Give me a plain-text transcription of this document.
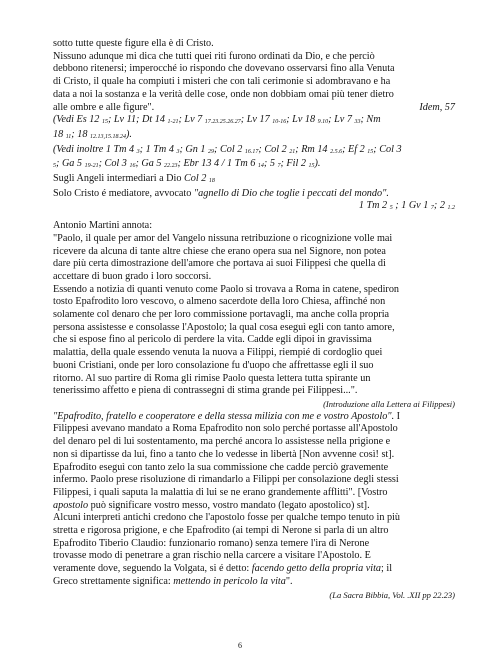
sotto tutte queste figure ella è di Cristo.
Nissuno adunque mi dica che tutti quei riti furono ordinati da Dio, e che perciò
debbono ritenersi; imperocché io rispondo che dovevano osservarsi fino alla Venuta
di Cristo, il quale ha compiuti i misteri che con tali cerimonie si adombravano e ha
data a noi la sostanza e la verità delle cose, onde non dobbiam omai più tener dietro
alle ombre e alle figure".	Idem, 57
(Vedi Es 12 15; Lv 11; Dt 14 1-21; Lv 7 17.23.25.26.27; Lv 17 10-16; Lv 18 9.10; Lv 7 33; Nm
18 11; 18 12.13,15.18.24).
(Vedi inoltre 1 Tm 4 3; 1 Tm 4 3; Gn 1 29; Col 2 16.17; Col 2 21; Rm 14 2.5.6; Ef 2 15; Col 3
5; Ga 5 19-21; Col 3 16; Ga 5 22.23; Ebr 13 4 / 1 Tm 6 14; 5 7; Fil 2 15).
Sugli Angeli intermediari a Dio Col 2 18
Solo Cristo é mediatore, avvocato "agnello di Dio che toglie i peccati del mondo".
1 Tm 2 5 ; 1 Gv 1 7; 2 1.2
Antonio Martini annota:
"Paolo, il quale per amor del Vangelo nissuna retribuzione o ricognizione volle mai
ricevere da alcuna di tante altre chiese che erano opera sua nel Signore, non potea
dare più certa dimostrazione dell'amore che portava ai suoi Filippesi che quella di
accettare di buon grado i loro soccorsi.
Essendo a notizia di quanti venuto come Paolo si trovava a Roma in catene, spediron
tosto Epafrodito loro vescovo, o almeno sacerdote della loro Chiesa, affinché non
solamente col denaro che per loro commissione portavagli, ma anche colla propria
persona assistesse e consolasse l'Apostolo; la qual cosa eseguì egli con tanto amore,
che si espose fino al pericolo di perdere la vita. Cadde egli dipoi in gravissima
malattia, della quale essendo venuta la nuova a Filippi, riempié di cordoglio quei
buoni Cristiani, onde per loro consolazione fu d'uopo che affrettasse egli il suo
ritorno. Al suo partire di Roma gli rimise Paolo questa lettera tutta spirante un
tenerissimo affetto e piena di contrassegni di stima grande pei Filippesi...".
(Introduzione alla Lettera ai Filippesi)
"Epafrodito, fratello e cooperatore e della stessa milizia con me e vostro Apostolo". I
Filippesi avevano mandato a Roma Epafrodito non solo perché portasse all'Apostolo
del denaro pel di lui sostentamento, ma perché ancora lo assistesse nella prigione e
non si dipartisse da lui, fino a tanto che lo vedesse in libertà [Non avvenne così! st].
Epafrodito eseguì con tanto zelo la sua commissione che cadde perciò gravemente
infermo. Paolo prese risoluzione di rimandarlo a Filippi per consolazione degli stessi
Filippesi, i quali saputa la malattia di lui se ne erano grandemente afflitti". [Vostro
apostolo può significare vostro messo, vostro mandato (legato apostolico) st].
Alcuni interpreti antichi credono che l'apostolo fosse per qualche tempo tenuto in più
stretta e rigorosa prigione, e che Epafrodito (ai tempi di Nerone si parla di un altro
Epafrodito Tiberio Claudio: funzionario romano) senza temere l'ira di Nerone
trovasse modo di penetrare a gran rischio nella carcere a visitare l'Apostolo. E
veramente dove, seguendo la Volgata, si é detto: facendo getto della propria vita; il
Greco strettamente significa: mettendo in pericolo la vita".
(La Sacra Bibbia, Vol. .XII pp 22.23)
6
